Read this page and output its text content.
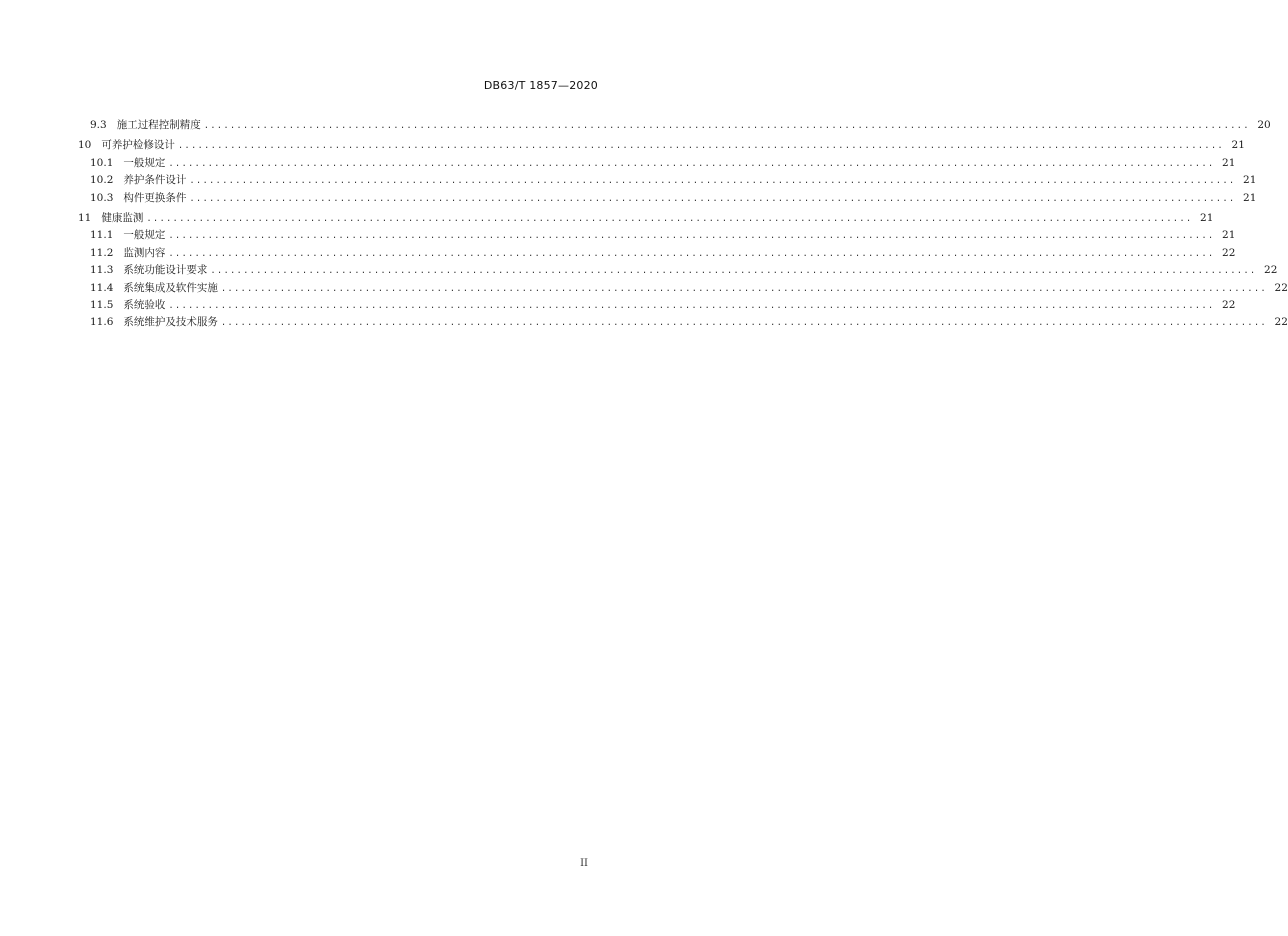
DB63/T 1857—2020
9.3 施工过程控制精度 ................................................................................................................................................................ 20
10 可养护检修设计 ................................................................................................................................................................ 21
10.1 一般规定 ................................................................................................................................................................ 21
10.2 养护条件设计 ................................................................................................................................................................ 21
10.3 构件更换条件 ................................................................................................................................................................ 21
11 健康监测 ................................................................................................................................................................ 21
11.1 一般规定 ................................................................................................................................................................ 21
11.2 监测内容 ................................................................................................................................................................ 22
11.3 系统功能设计要求 ................................................................................................................................................................ 22
11.4 系统集成及软件实施 ................................................................................................................................................................ 22
11.5 系统验收 ................................................................................................................................................................ 22
11.6 系统维护及技术服务 ................................................................................................................................................................ 22
II
